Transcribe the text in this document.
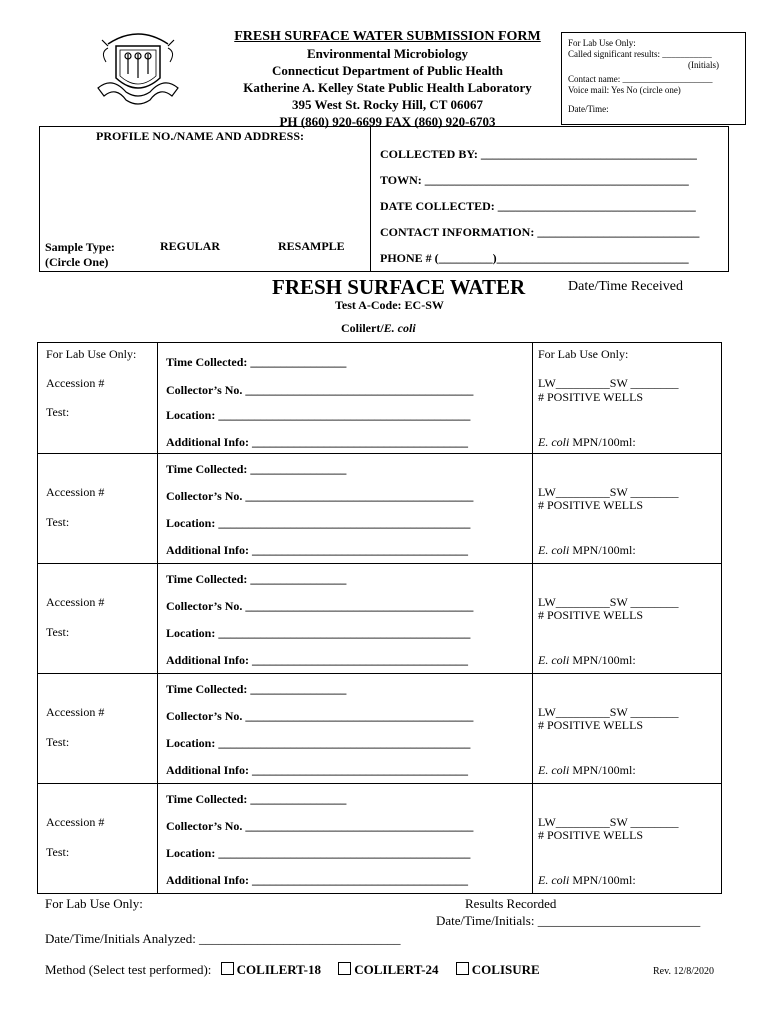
FRESH SURFACE WATER SUBMISSION FORM
Environmental Microbiology
Connecticut Department of Public Health
Katherine A. Kelley State Public Health Laboratory
395 West St. Rocky Hill, CT 06067
PH (860) 920-6699 FAX (860) 920-6703
For Lab Use Only:
Called significant results: ___________
(Initials)
Contact name: ____________________
Voice mail: Yes No (circle one)
Date/Time:
PROFILE NO./NAME AND ADDRESS:
Sample Type:
(Circle One)
REGULAR	RESAMPLE
COLLECTED BY: ____________________________________
TOWN: ____________________________________________
DATE COLLECTED: _________________________________
CONTACT INFORMATION: ___________________________
PHONE # (_________)________________________________
FRESH SURFACE WATER	Date/Time Received
Test A-Code: EC-SW
Colilert/E. coli
For Lab Use Only:
Accession #
Test:
Time Collected: ________________
Collector’s No. ______________________________________
Location: __________________________________________
Additional Info: ____________________________________
For Lab Use Only:
LW_________SW ________
# POSITIVE WELLS
E. coli MPN/100ml:
Accession #
Test:
Time Collected: ________________
Collector’s No. ______________________________________
Location: __________________________________________
Additional Info: ____________________________________
LW_________SW ________
# POSITIVE WELLS
E. coli MPN/100ml:
Accession #
Test:
Time Collected: ________________
Collector’s No. ______________________________________
Location: __________________________________________
Additional Info: ____________________________________
LW_________SW ________
# POSITIVE WELLS
E. coli MPN/100ml:
Accession #
Test:
Time Collected: ________________
Collector’s No. ______________________________________
Location: __________________________________________
Additional Info: ____________________________________
LW_________SW ________
# POSITIVE WELLS
E. coli MPN/100ml:
Accession #
Test:
Time Collected: ________________
Collector’s No. ______________________________________
Location: __________________________________________
Additional Info: ____________________________________
LW_________SW ________
# POSITIVE WELLS
E. coli MPN/100ml:
For Lab Use Only:	Results Recorded
Date/Time/Initials: _________________________
Date/Time/Initials Analyzed: _______________________________
Method (Select test performed): COLILERT-18	COLILERT-24	COLISURE	Rev. 12/8/2020
